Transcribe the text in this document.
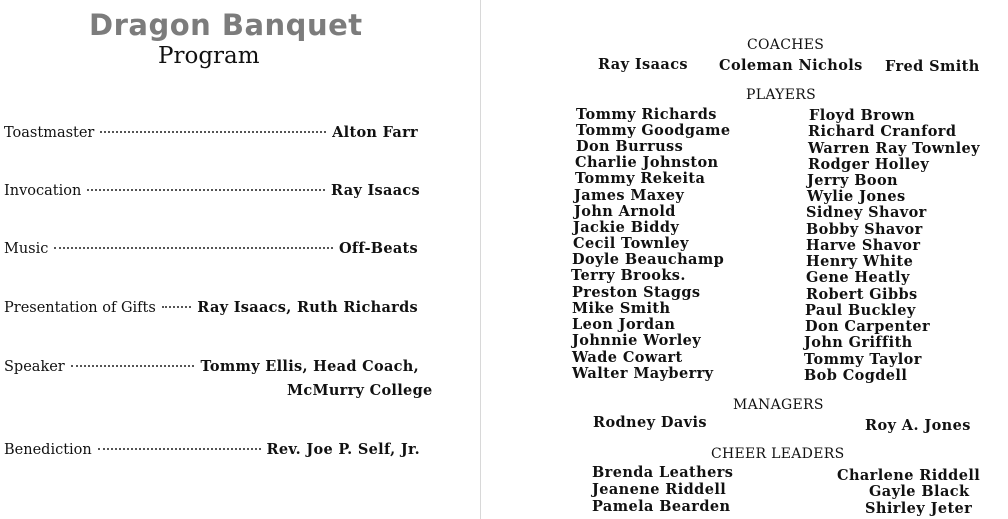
Dragon Banquet
Program
Toastmaster	Alton Farr
Invocation	Ray Isaacs
Music	Off-Beats
Presentation of Gifts	Ray Isaacs, Ruth Richards
Speaker	Tommy Ellis, Head Coach,
McMurry College
Benediction	Rev. Joe P. Self, Jr.
COACHES
Ray Isaacs Coleman Nichols Fred Smith
PLAYERS
Tommy Richards
Tommy Goodgame
Don Burruss
Charlie Johnston
Tommy Rekeita
James Maxey
John Arnold
Jackie Biddy
Cecil Townley
Doyle Beauchamp
Terry Brooks.
Preston Staggs
Mike Smith
Leon Jordan
Johnnie Worley
Wade Cowart
Walter Mayberry
Floyd Brown
Richard Cranford
Warren Ray Townley
Rodger Holley
Jerry Boon
Wylie Jones
Sidney Shavor
Bobby Shavor
Harve Shavor
Henry White
Gene Heatly
Robert Gibbs
Paul Buckley
Don Carpenter
John Griffith
Tommy Taylor
Bob Cogdell
MANAGERS
Rodney Davis	Roy A. Jones
CHEER LEADERS
Brenda Leathers
Jeanene Riddell
Pamela Bearden
Charlene Riddell
Gayle Black
Shirley Jeter
